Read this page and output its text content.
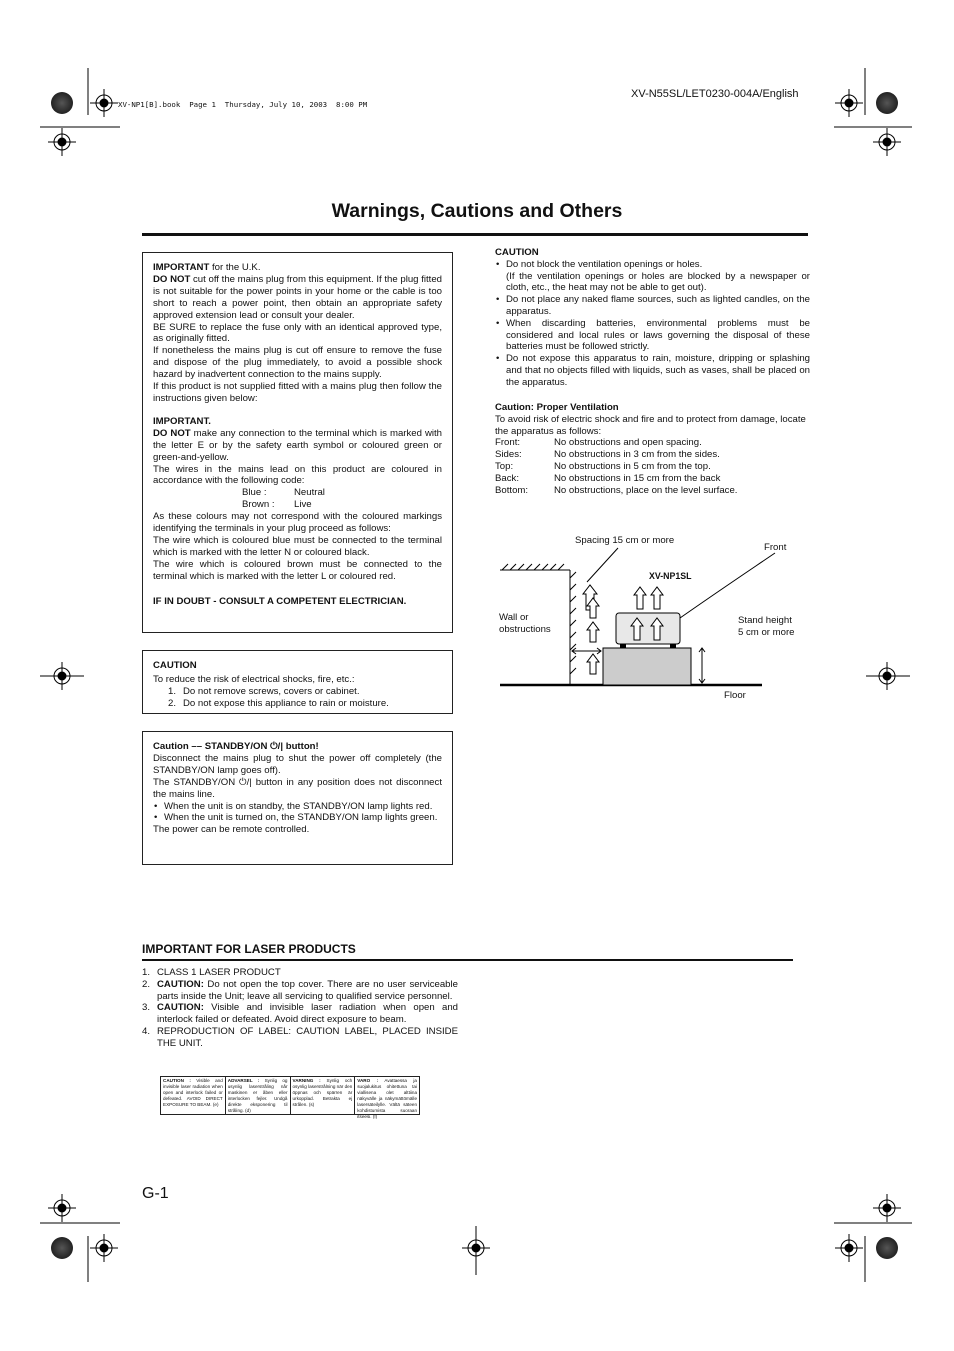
XV-NP1[B].book  Page 1  Thursday, July 10, 2003  8:00 PM
XV-N55SL/LET0230-004A/English
Warnings, Cautions and Others
IMPORTANT for the U.K.
DO NOT cut off the mains plug from this equipment. If the plug fitted is not suitable for the power points in your home or the cable is too short to reach a power point, then obtain an appropriate safety approved extension lead or consult your dealer.
BE SURE to replace the fuse only with an identical approved type, as originally fitted.
If nonetheless the mains plug is cut off ensure to remove the fuse and dispose of the plug immediately, to avoid a possible shock hazard by inadvertent connection to the mains supply.
If this product is not supplied fitted with a mains plug then follow the instructions given below:
IMPORTANT.
DO NOT make any connection to the terminal which is marked with the letter E or by the safety earth symbol or coloured green or green-and-yellow.
The wires in the mains lead on this product are coloured in accordance with the following code:
Blue :	Neutral
Brown :	Live
As these colours may not correspond with the coloured markings identifying the terminals in your plug proceed as follows:
The wire which is coloured blue must be connected to the terminal which is marked with the letter N or coloured black.
The wire which is coloured brown must be connected to the terminal which is marked with the letter L or coloured red.
IF IN DOUBT - CONSULT A COMPETENT ELECTRICIAN.
CAUTION
To reduce the risk of electrical shocks, fire, etc.:
1. Do not remove screws, covers or cabinet.
2. Do not expose this appliance to rain or moisture.
Caution –– STANDBY/ON ⏻/| button!
Disconnect the mains plug to shut the power off completely (the STANDBY/ON lamp goes off).
The STANDBY/ON ⏻/| button in any position does not disconnect the mains line.
• When the unit is on standby, the STANDBY/ON lamp lights red.
• When the unit is turned on, the STANDBY/ON lamp lights green.
The power can be remote controlled.
CAUTION
• Do not block the ventilation openings or holes.
(If the ventilation openings or holes are blocked by a newspaper or cloth, etc., the heat may not be able to get out).
• Do not place any naked flame sources, such as lighted candles, on the apparatus.
• When discarding batteries, environmental problems must be considered and local rules or laws governing the disposal of these batteries must be followed strictly.
• Do not expose this apparatus to rain, moisture, dripping or splashing and that no objects filled with liquids, such as vases, shall be placed on the apparatus.
Caution: Proper Ventilation
To avoid risk of electric shock and fire and to protect from damage, locate the apparatus as follows:
Front:	No obstructions and open spacing.
Sides:	No obstructions in 3 cm from the sides.
Top:	No obstructions in 5 cm from the top.
Back:	No obstructions in 15 cm from the back
Bottom:	No obstructions, place on the level surface.
Spacing 15 cm or more
Front
XV-NP1SL
Wall or
obstructions
Stand height
5 cm or more
Floor
IMPORTANT FOR LASER PRODUCTS
1. CLASS 1 LASER PRODUCT
2. CAUTION: Do not open the top cover. There are no user serviceable parts inside the Unit; leave all servicing to qualified service personnel.
3. CAUTION: Visible and invisible laser radiation when open and interlock failed or defeated. Avoid direct exposure to beam.
4. REPRODUCTION OF LABEL: CAUTION LABEL, PLACED INSIDE THE UNIT.
CAUTION : Visible and invisible laser radiation when open and interlock failed or defeated. AVOID DIRECT EXPOSURE TO BEAM. (e)
ADVARSEL : Synlig og usynlig laserstråling når maskinen er åben eller interlocken fejler. Undgå direkte eksponering til stråling. (d)
VARNING : Synlig och osynlig laserstrålning när den öppnas och spärren är urkopplad. Betrakta ej strålen. (s)
VARO : Avattaessa ja suojalukitus ohitettuna tai viallisena olet alttiina näkyvälle ja näkymättömälle lasersäteilylle. Vältä säteen kohdistumista suoraan itseesi. (f)
G-1
